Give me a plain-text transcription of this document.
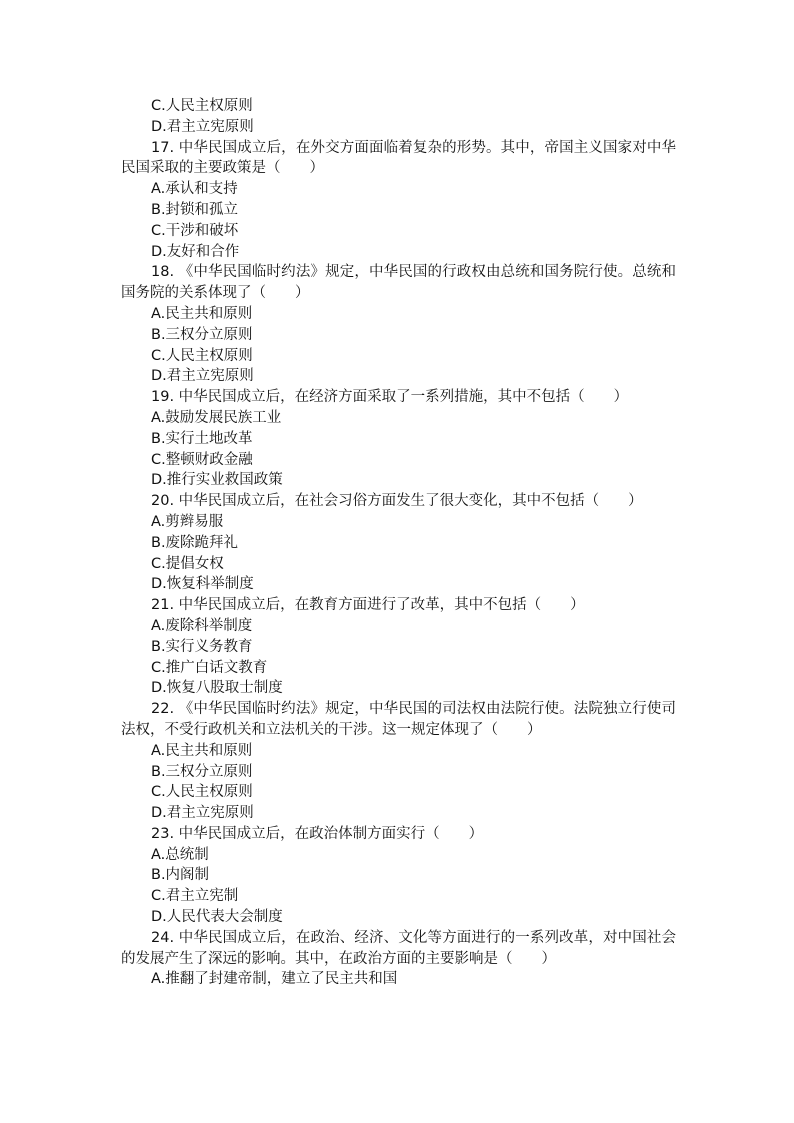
C.人民主权原则
D.君主立宪原则
17. 中华民国成立后，在外交方面面临着复杂的形势。其中，帝国主义国家对中华民国采取的主要政策是（　　）
A.承认和支持
B.封锁和孤立
C.干涉和破坏
D.友好和合作
18. 《中华民国临时约法》规定，中华民国的行政权由总统和国务院行使。总统和国务院的关系体现了（　　）
A.民主共和原则
B.三权分立原则
C.人民主权原则
D.君主立宪原则
19. 中华民国成立后，在经济方面采取了一系列措施，其中不包括（　　）
A.鼓励发展民族工业
B.实行土地改革
C.整顿财政金融
D.推行实业救国政策
20. 中华民国成立后，在社会习俗方面发生了很大变化，其中不包括（　　）
A.剪辫易服
B.废除跪拜礼
C.提倡女权
D.恢复科举制度
21. 中华民国成立后，在教育方面进行了改革，其中不包括（　　）
A.废除科举制度
B.实行义务教育
C.推广白话文教育
D.恢复八股取士制度
22. 《中华民国临时约法》规定，中华民国的司法权由法院行使。法院独立行使司法权，不受行政机关和立法机关的干涉。这一规定体现了（　　）
A.民主共和原则
B.三权分立原则
C.人民主权原则
D.君主立宪原则
23. 中华民国成立后，在政治体制方面实行（　　）
A.总统制
B.内阁制
C.君主立宪制
D.人民代表大会制度
24. 中华民国成立后，在政治、经济、文化等方面进行的一系列改革，对中国社会的发展产生了深远的影响。其中，在政治方面的主要影响是（　　）
A.推翻了封建帝制，建立了民主共和国
